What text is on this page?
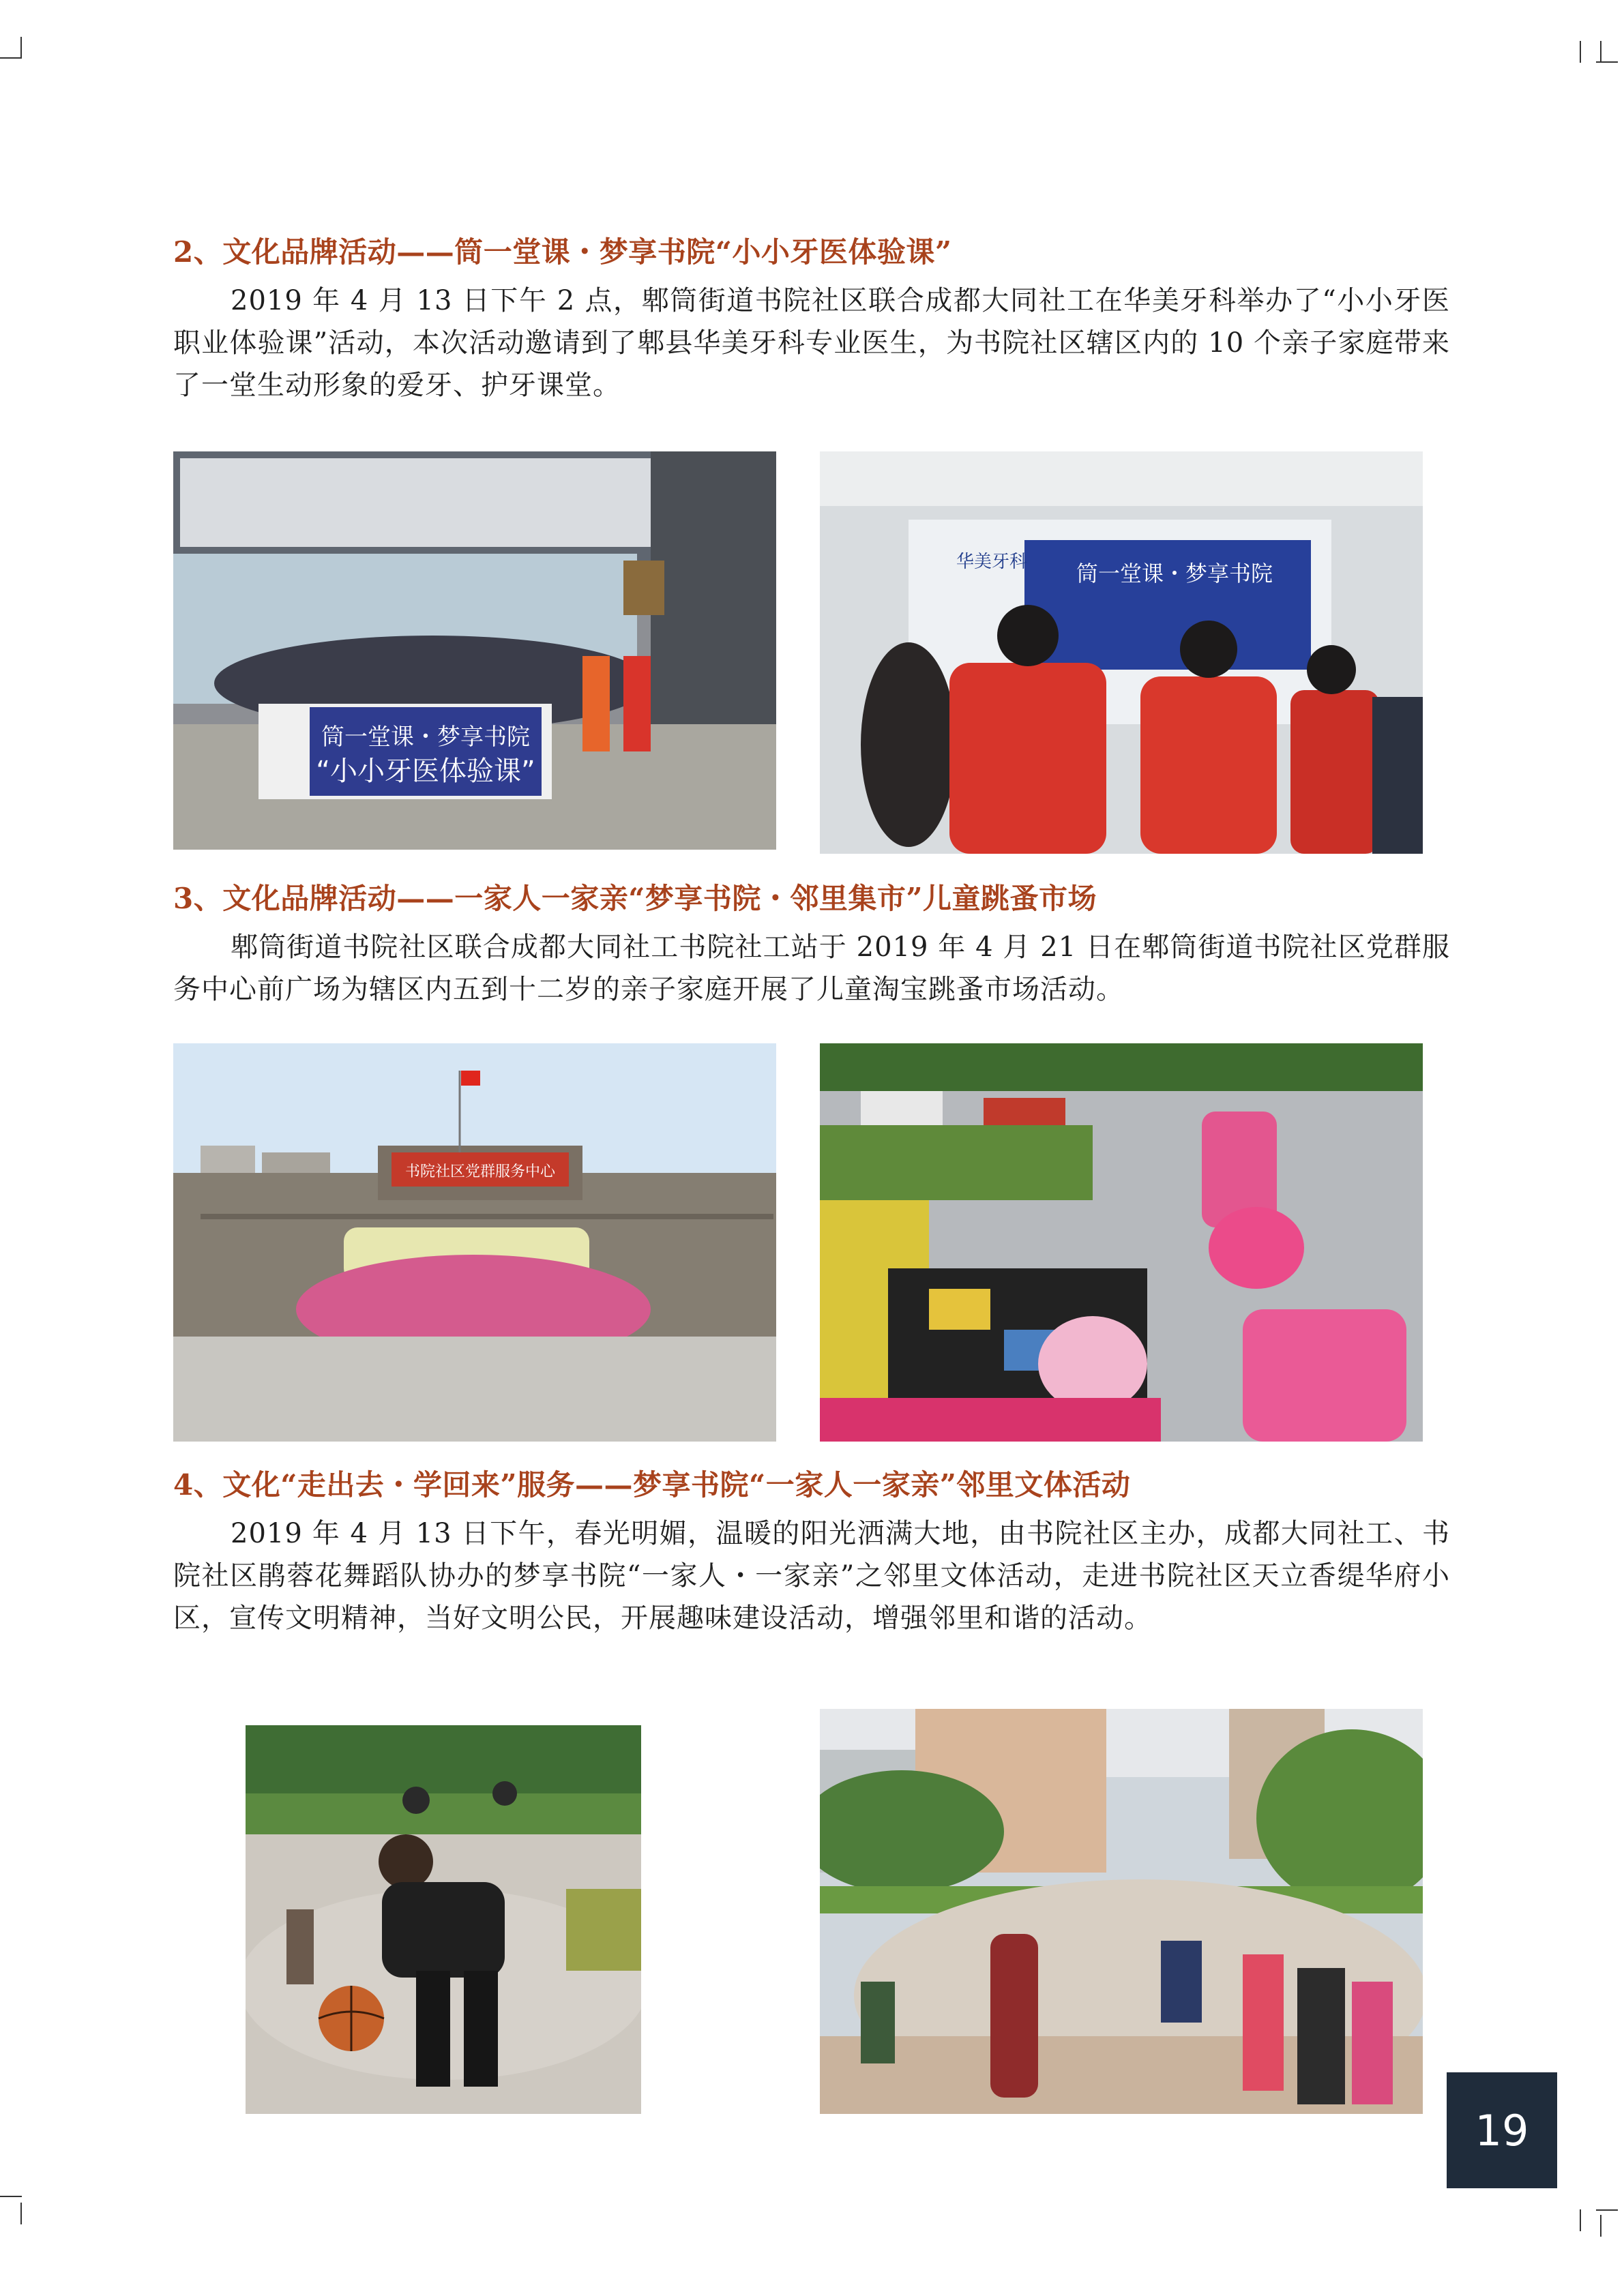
2、文化品牌活动——筒一堂课・梦享书院“小小牙医体验课”
2019 年 4 月 13 日下午 2 点，郫筒街道书院社区联合成都大同社工在华美牙科举办了“小小牙医职业体验课”活动，本次活动邀请到了郫县华美牙科专业医生，为书院社区辖区内的 10 个亲子家庭带来了一堂生动形象的爱牙、护牙课堂。
筒一堂课・梦享书院
“小小牙医体验课”
筒一堂课・梦享书院
华美牙科
3、文化品牌活动——一家人一家亲“梦享书院・邻里集市”儿童跳蚤市场
郫筒街道书院社区联合成都大同社工书院社工站于 2019 年 4 月 21 日在郫筒街道书院社区党群服务中心前广场为辖区内五到十二岁的亲子家庭开展了儿童淘宝跳蚤市场活动。
书院社区党群服务中心
4、文化“走出去・学回来”服务——梦享书院“一家人一家亲”邻里文体活动
2019 年 4 月 13 日下午，春光明媚，温暖的阳光洒满大地，由书院社区主办，成都大同社工、书院社区鹃蓉花舞蹈队协办的梦享书院“一家人・一家亲”之邻里文体活动，走进书院社区天立香缇华府小区，宣传文明精神，当好文明公民，开展趣味建设活动，增强邻里和谐的活动。
19
